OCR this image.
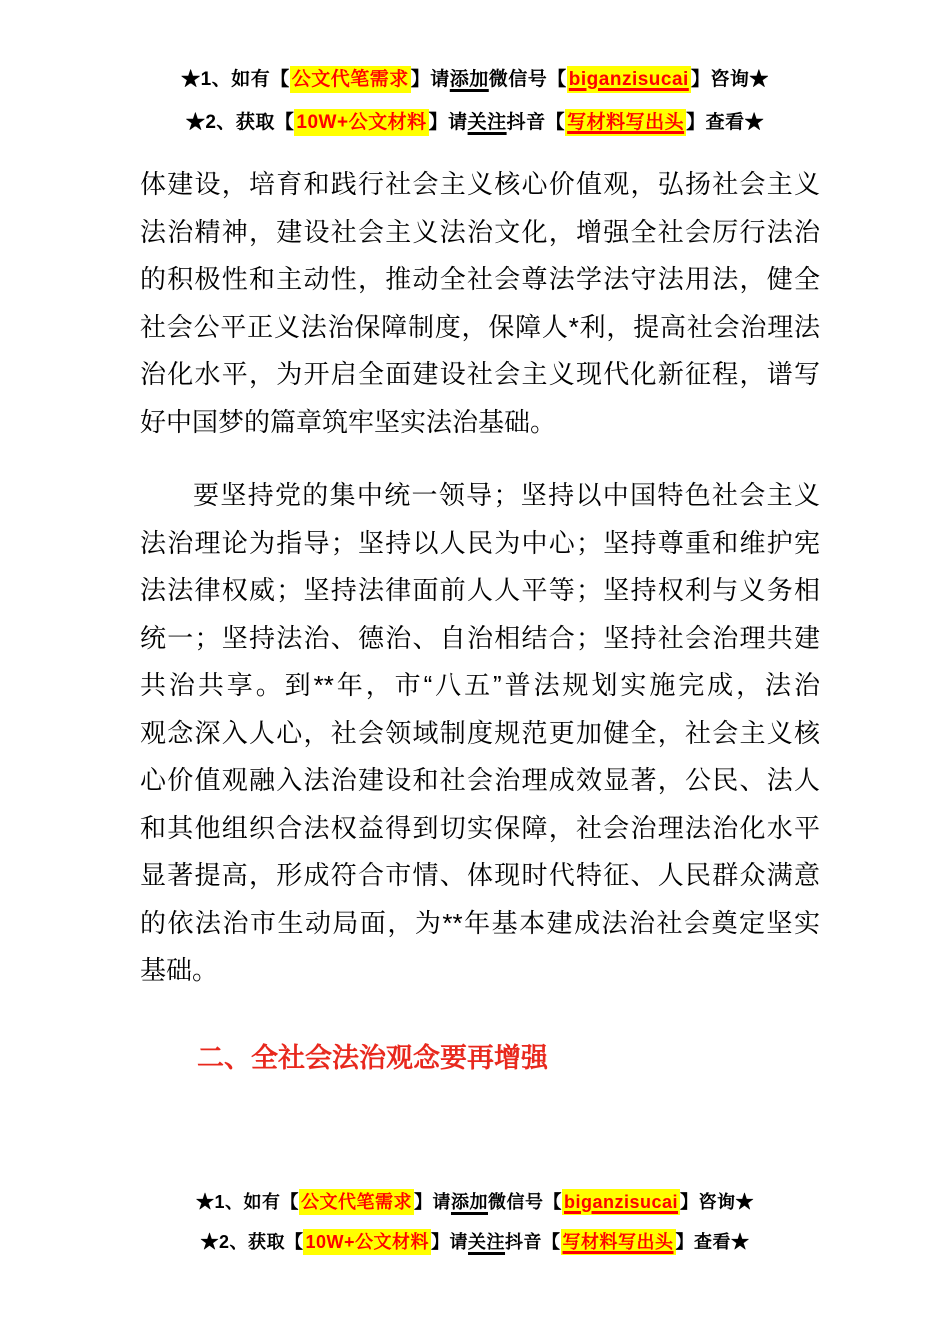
★1、如有【 公文代笔需求 】请添加微信号【 biganzisucai 】咨询★
★2、获取【 10W+公文材料 】请关注抖音【 写材料写出头 】查看★
体建设，培育和践行社会主义核心价值观，弘扬社会主义
法治精神，建设社会主义法治文化，增强全社会厉行法治
的积极性和主动性，推动全社会尊法学法守法用法，健全
社会公平正义法治保障制度，保障人*利，提高社会治理法
治化水平，为开启全面建设社会主义现代化新征程，谱写
好中国梦的篇章筑牢坚实法治基础。
要坚持党的集中统一领导；坚持以中国特色社会主义
法治理论为指导；坚持以人民为中心；坚持尊重和维护宪
法法律权威；坚持法律面前人人平等；坚持权利与义务相
统一；坚持法治、德治、自治相结合；坚持社会治理共建
共治共享。到**年，市“八五”普法规划实施完成，法治
观念深入人心，社会领域制度规范更加健全，社会主义核
心价值观融入法治建设和社会治理成效显著，公民、法人
和其他组织合法权益得到切实保障，社会治理法治化水平
显著提高，形成符合市情、体现时代特征、人民群众满意
的依法治市生动局面，为**年基本建成法治社会奠定坚实
基础。
二、全社会法治观念要再增强
★1、如有【 公文代笔需求 】请添加微信号【 biganzisucai 】咨询★
★2、获取【 10W+公文材料 】请关注抖音【 写材料写出头 】查看★
